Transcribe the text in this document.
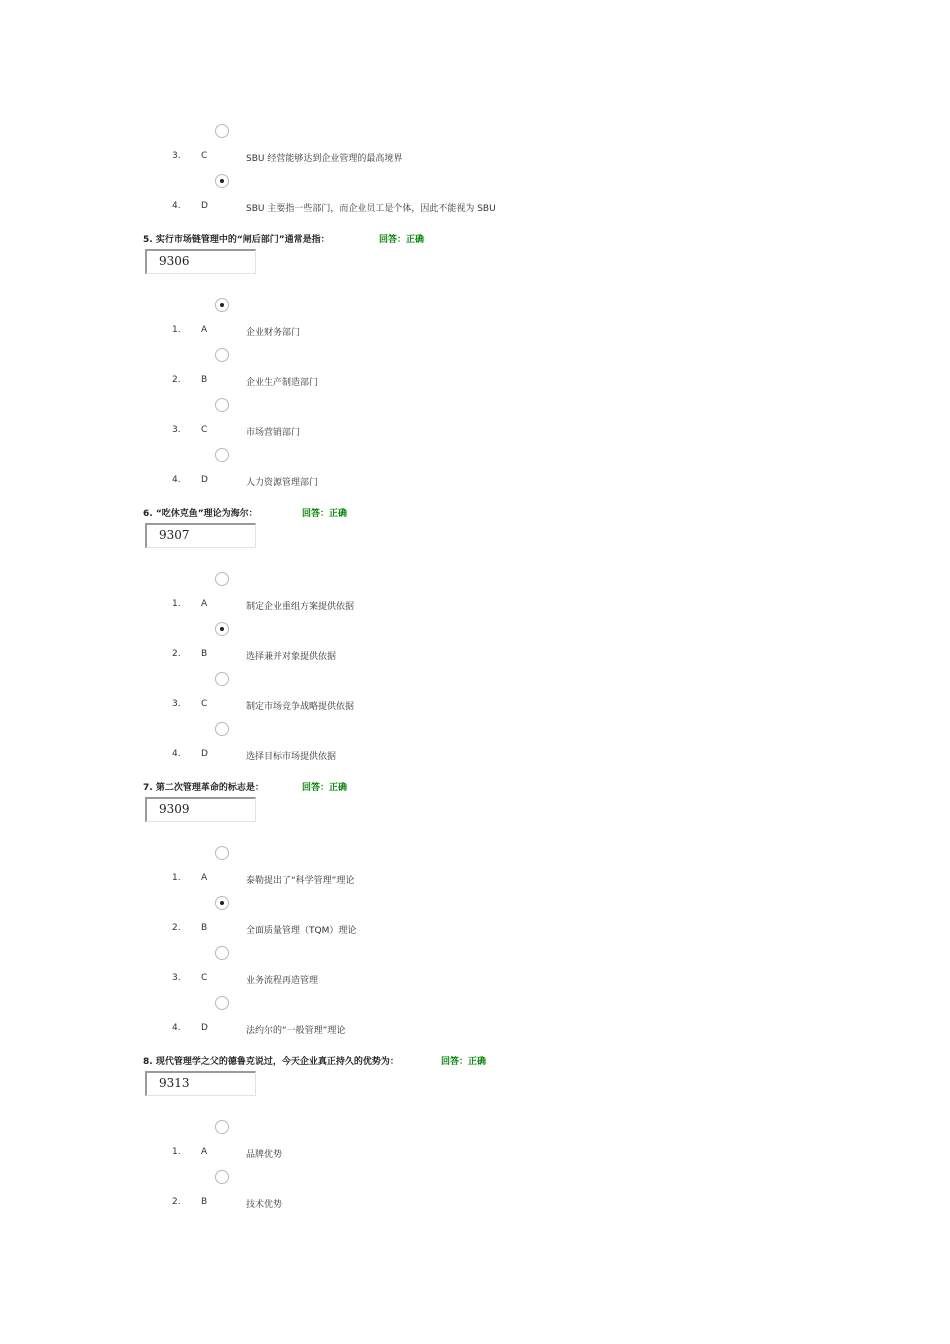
3. C	SBU 经营能够达到企业管理的最高境界
4. D	SBU 主要指一些部门，而企业员工是个体，因此不能视为 SBU
5. 实行市场链管理中的“闸后部门”通常是指：	回答：正确
9306
1. A	企业财务部门
2. B	企业生产制造部门
3. C	市场营销部门
4. D	人力资源管理部门
6. “吃休克鱼”理论为海尔：	回答：正确
9307
1. A	制定企业重组方案提供依据
2. B	选择兼并对象提供依据
3. C	制定市场竞争战略提供依据
4. D	选择目标市场提供依据
7. 第二次管理革命的标志是：	回答：正确
9309
1. A	泰勒提出了“科学管理”理论
2. B	全面质量管理（TQM）理论
3. C	业务流程再造管理
4. D	法约尔的“一般管理”理论
8. 现代管理学之父的德鲁克说过，今天企业真正持久的优势为：	回答：正确
9313
1. A	品牌优势
2. B	技术优势
